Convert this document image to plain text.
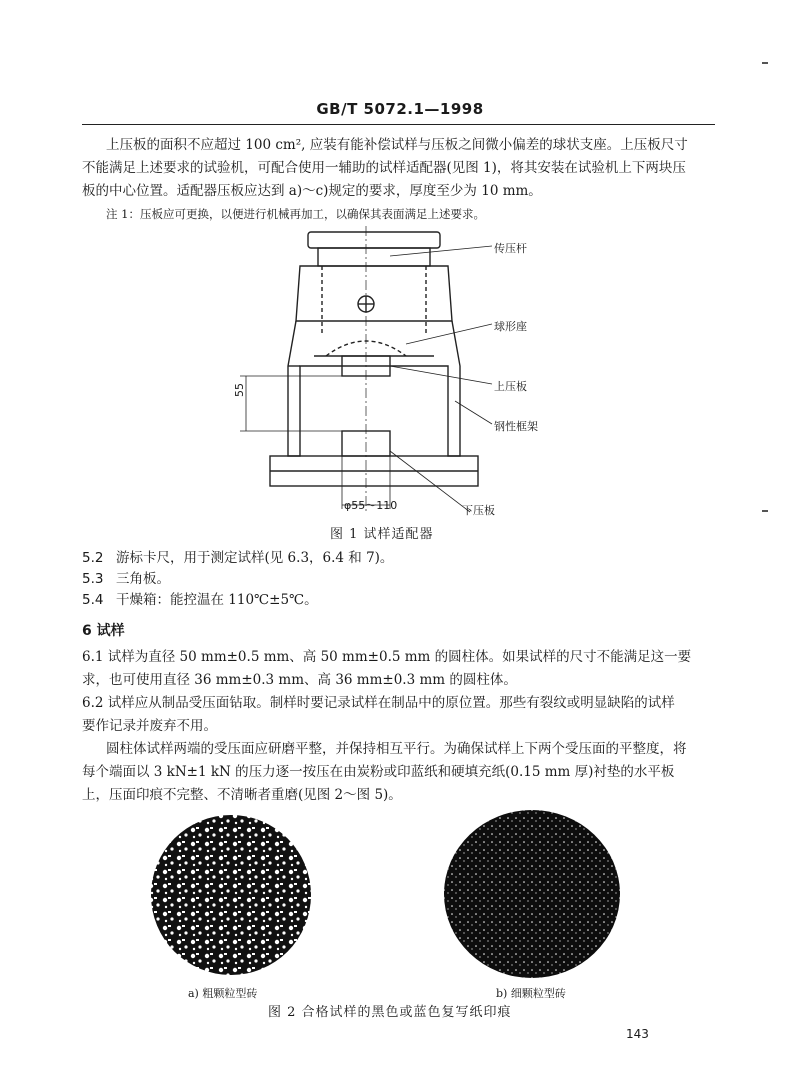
GB/T 5072.1—1998
上压板的面积不应超过 100 cm², 应装有能补偿试样与压板之间微小偏差的球状支座。上压板尺寸
不能满足上述要求的试验机，可配合使用一辅助的试样适配器(见图 1)，将其安装在试验机上下两块压
板的中心位置。适配器压板应达到 a)～c)规定的要求，厚度至少为 10 mm。
注 1：压板应可更换，以便进行机械再加工，以确保其表面满足上述要求。
传压杆
球形座
上压板
钢性框架
下压板
55
φ55～110
图 1 试样适配器
5.2 游标卡尺，用于测定试样(见 6.3，6.4 和 7)。
5.3 三角板。
5.4 干燥箱：能控温在 110℃±5℃。
6 试样
6.1 试样为直径 50 mm±0.5 mm、高 50 mm±0.5 mm 的圆柱体。如果试样的尺寸不能满足这一要
求，也可使用直径 36 mm±0.3 mm、高 36 mm±0.3 mm 的圆柱体。
6.2 试样应从制品受压面钻取。制样时要记录试样在制品中的原位置。那些有裂纹或明显缺陷的试样
要作记录并废弃不用。
圆柱体试样两端的受压面应研磨平整，并保持相互平行。为确保试样上下两个受压面的平整度，将
每个端面以 3 kN±1 kN 的压力逐一按压在由炭粉或印蓝纸和硬填充纸(0.15 mm 厚)衬垫的水平板
上，压面印痕不完整、不清晰者重磨(见图 2～图 5)。
a) 粗颗粒型砖	b) 细颗粒型砖
图 2 合格试样的黑色或蓝色复写纸印痕
143
